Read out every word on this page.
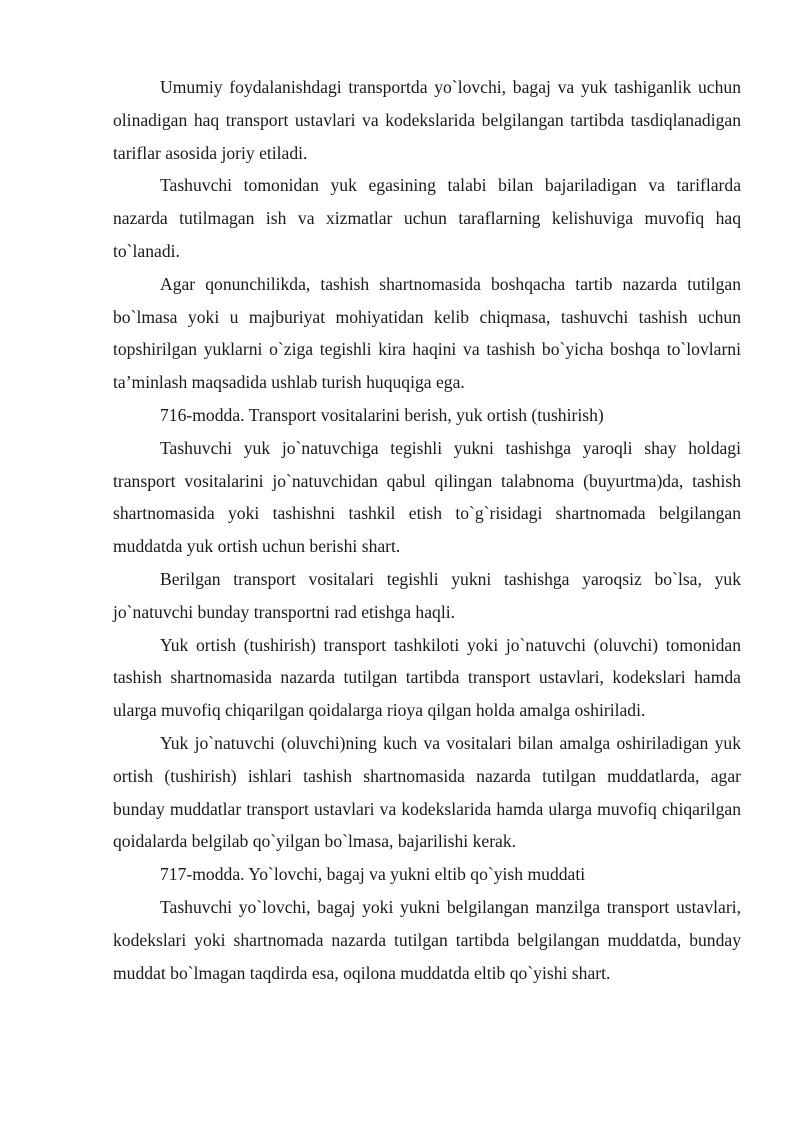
Umumiy foydalanishdagi transportda yo`lovchi, bagaj va yuk tashiganlik uchun olinadigan haq transport ustavlari va kodekslarida belgilangan tartibda tasdiqlanadigan tariflar asosida joriy etiladi.

Tashuvchi tomonidan yuk egasining talabi bilan bajariladigan va tariflarda nazarda tutilmagan ish va xizmatlar uchun taraflarning kelishuviga muvofiq haq to`lanadi.

Agar qonunchilikda, tashish shartnomasida boshqacha tartib nazarda tutilgan bo`lmasa yoki u majburiyat mohiyatidan kelib chiqmasa, tashuvchi tashish uchun topshirilgan yuklarni o`ziga tegishli kira haqini va tashish bo`yicha boshqa to`lovlarni ta’minlash maqsadida ushlab turish huquqiga ega.

716-modda. Transport vositalarini berish, yuk ortish (tushirish)

Tashuvchi yuk jo`natuvchiga tegishli yukni tashishga yaroqli shay holdagi transport vositalarini jo`natuvchidan qabul qilingan talabnoma (buyurtma)da, tashish shartnomasida yoki tashishni tashkil etish to`g`risidagi shartnomada belgilangan muddatda yuk ortish uchun berishi shart.

Berilgan transport vositalari tegishli yukni tashishga yaroqsiz bo`lsa, yuk jo`natuvchi bunday transportni rad etishga haqli.

Yuk ortish (tushirish) transport tashkiloti yoki jo`natuvchi (oluvchi) tomonidan tashish shartnomasida nazarda tutilgan tartibda transport ustavlari, kodekslari hamda ularga muvofiq chiqarilgan qoidalarga rioya qilgan holda amalga oshiriladi.

Yuk jo`natuvchi (oluvchi)ning kuch va vositalari bilan amalga oshiriladigan yuk ortish (tushirish) ishlari tashish shartnomasida nazarda tutilgan muddatlarda, agar bunday muddatlar transport ustavlari va kodekslarida hamda ularga muvofiq chiqarilgan qoidalarda belgilab qo`yilgan bo`lmasa, bajarilishi kerak.

717-modda. Yo`lovchi, bagaj va yukni eltib qo`yish muddati

Tashuvchi yo`lovchi, bagaj yoki yukni belgilangan manzilga transport ustavlari, kodekslari yoki shartnomada nazarda tutilgan tartibda belgilangan muddatda, bunday muddat bo`lmagan taqdirda esa, oqilona muddatda eltib qo`yishi shart.
